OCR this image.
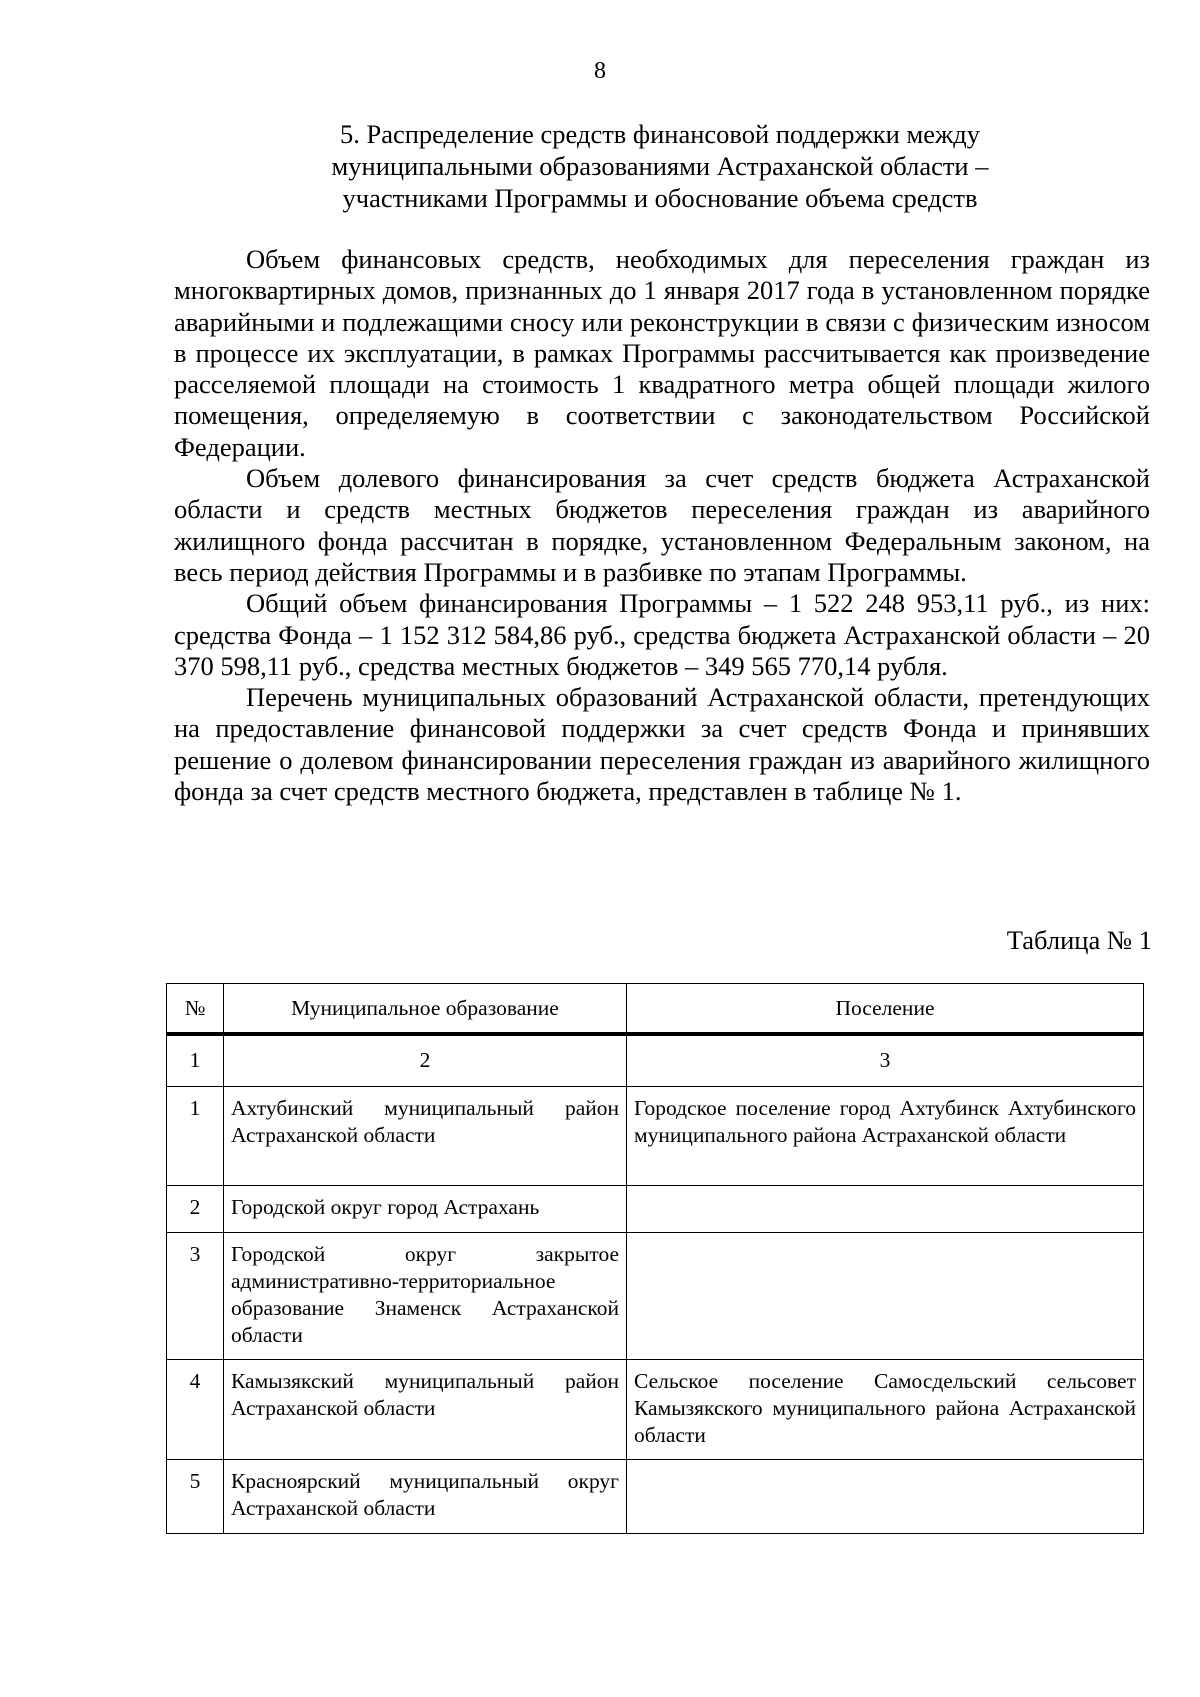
8
5. Распределение средств финансовой поддержки между
муниципальными образованиями Астраханской области –
участниками Программы и обоснование объема средств

Объем финансовых средств, необходимых для переселения граждан из многоквартирных домов, признанных до 1 января 2017 года в установленном порядке аварийными и подлежащими сносу или реконструкции в связи с физическим износом в процессе их эксплуатации, в рамках Программы рассчитывается как произведение расселяемой площади на стоимость 1 квадратного метра общей площади жилого помещения, определяемую в соответствии с законодательством Российской Федерации.

Объем долевого финансирования за счет средств бюджета Астраханской области и средств местных бюджетов переселения граждан из аварийного жилищного фонда рассчитан в порядке, установленном Федеральным законом, на весь период действия Программы и в разбивке по этапам Программы.

Общий объем финансирования Программы – 1 522 248 953,11 руб., из них: средства Фонда – 1 152 312 584,86 руб., средства бюджета Астраханской области – 20 370 598,11 руб., средства местных бюджетов – 349 565 770,14 рубля.

Перечень муниципальных образований Астраханской области, претендующих на предоставление финансовой поддержки за счет средств Фонда и принявших решение о долевом финансировании переселения граждан из аварийного жилищного фонда за счет средств местного бюджета, представлен в таблице № 1.

Таблица № 1
№	Муниципальное образование	Поселение
1	2	3
1	Ахтубинский муниципальный район Астраханской области	Городское поселение город Ахтубинск Ахтубинского муниципального района Астраханской области
2	Городской округ город Астрахань	
3	Городской округ закрытое административно-территориальное образование Знаменск Астраханской области	
4	Камызякский муниципальный район Астраханской области	Сельское поселение Самосдельский сельсовет Камызякского муниципального района Астраханской области
5	Красноярский муниципальный округ Астраханской области	
